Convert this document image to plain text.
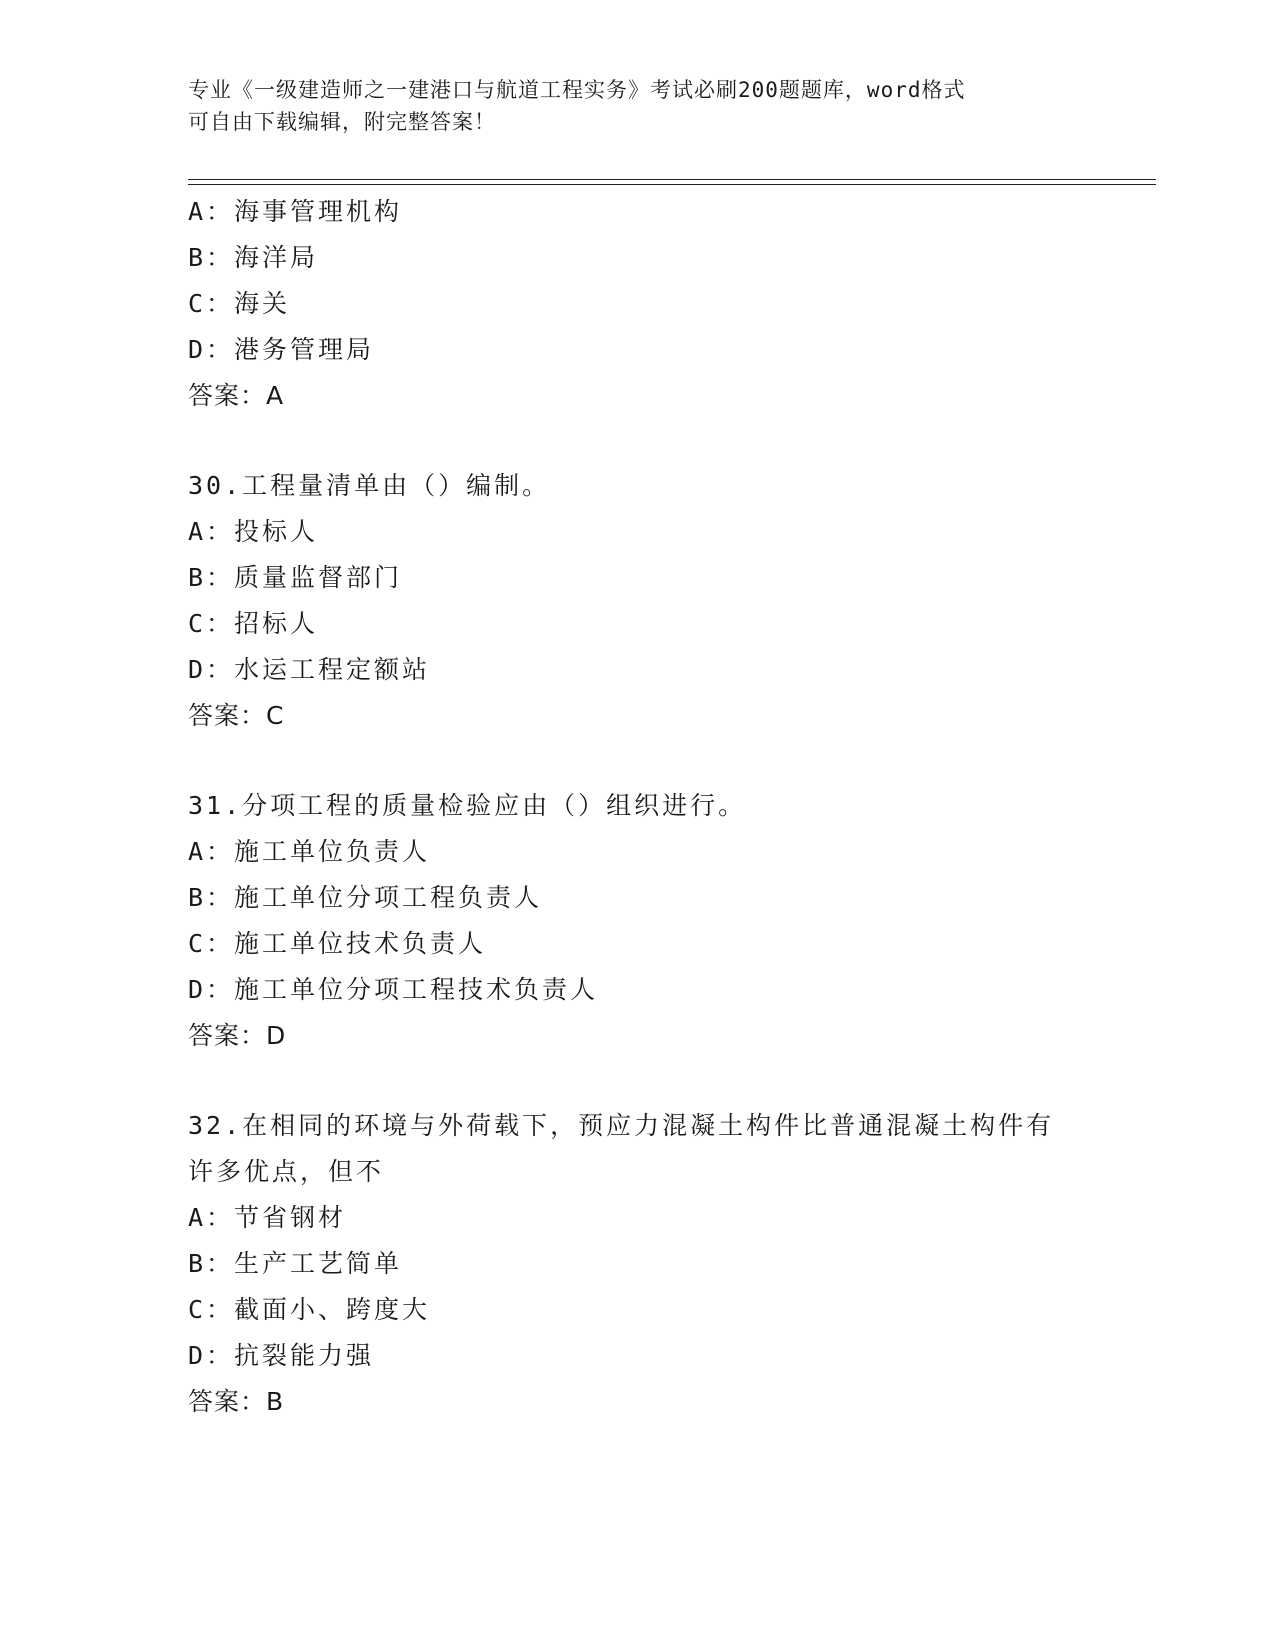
专业《一级建造师之一建港口与航道工程实务》考试必刷200题题库，word格式
可自由下载编辑，附完整答案！
A：海事管理机构
B：海洋局
C：海关
D：港务管理局
答案：A
30.工程量清单由（）编制。
A：投标人
B：质量监督部门
C：招标人
D：水运工程定额站
答案：C
31.分项工程的质量检验应由（）组织进行。
A：施工单位负责人
B：施工单位分项工程负责人
C：施工单位技术负责人
D：施工单位分项工程技术负责人
答案：D
32.在相同的环境与外荷载下，预应力混凝土构件比普通混凝土构件有
许多优点，但不
A：节省钢材
B：生产工艺简单
C：截面小、跨度大
D：抗裂能力强
答案：B
